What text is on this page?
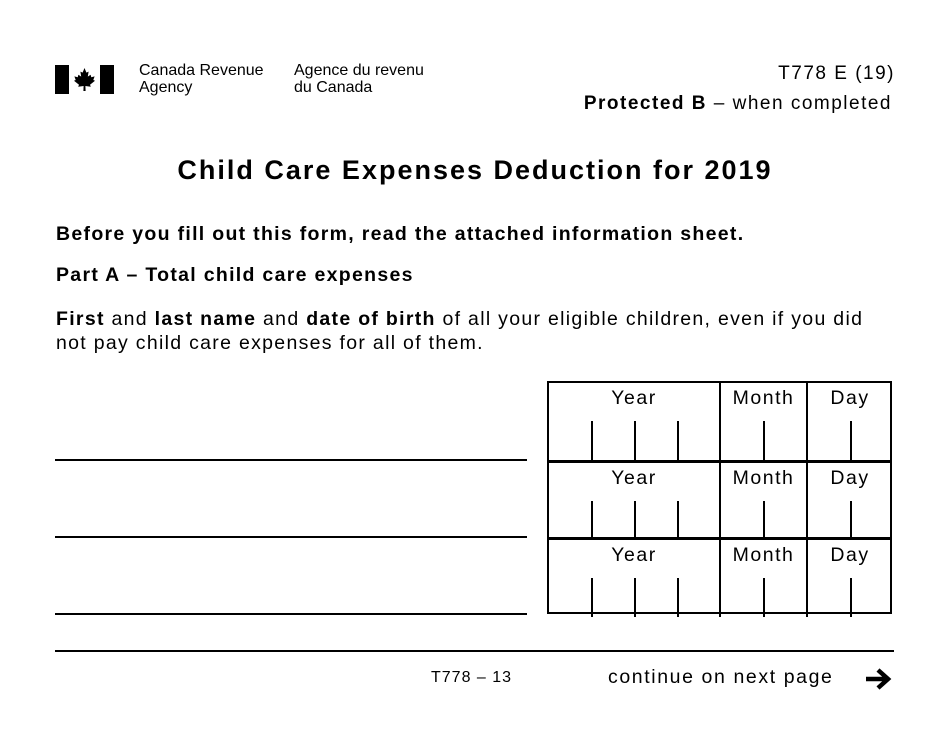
Canada Revenue
Agency
Agence du revenu
du Canada
T778 E (19)
Protected B – when completed
Child Care Expenses Deduction for 2019
Before you fill out this form, read the attached information sheet.
Part A – Total child care expenses
First and last name and date of birth of all your eligible children, even if you did not pay child care expenses for all of them.
Year	Month	Day
Year	Month	Day
Year	Month	Day
T778 – 13	continue on next page
